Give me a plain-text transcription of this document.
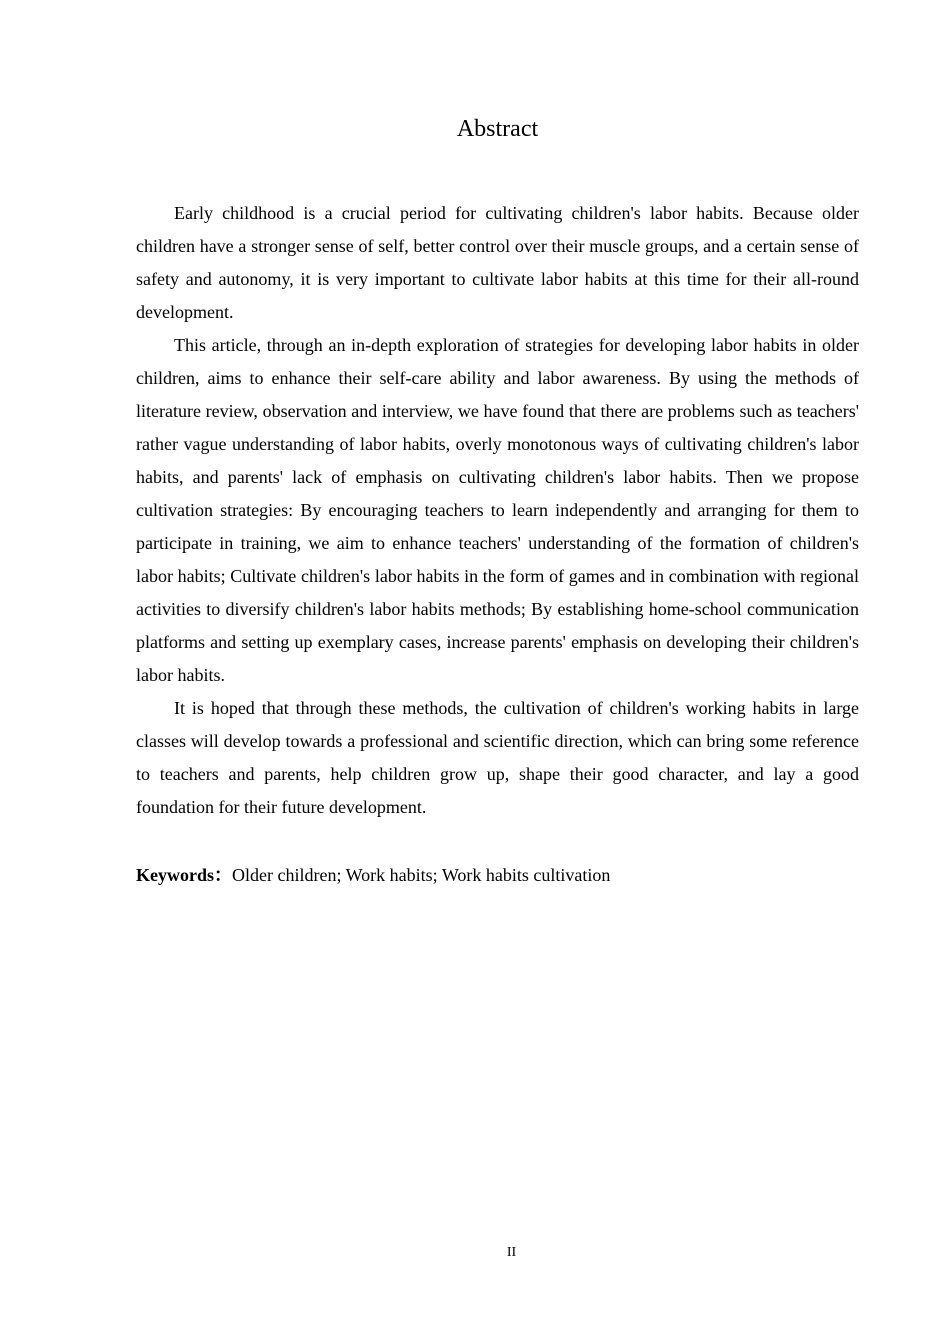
Abstract

Early childhood is a crucial period for cultivating children's labor habits. Because older children have a stronger sense of self, better control over their muscle groups, and a certain sense of safety and autonomy, it is very important to cultivate labor habits at this time for their all-round development.

This article, through an in-depth exploration of strategies for developing labor habits in older children, aims to enhance their self-care ability and labor awareness. By using the methods of literature review, observation and interview, we have found that there are problems such as teachers' rather vague understanding of labor habits, overly monotonous ways of cultivating children's labor habits, and parents' lack of emphasis on cultivating children's labor habits. Then we propose cultivation strategies: By encouraging teachers to learn independently and arranging for them to participate in training, we aim to enhance teachers' understanding of the formation of children's labor habits; Cultivate children's labor habits in the form of games and in combination with regional activities to diversify children's labor habits methods; By establishing home-school communication platforms and setting up exemplary cases, increase parents' emphasis on developing their children's labor habits.

It is hoped that through these methods, the cultivation of children's working habits in large classes will develop towards a professional and scientific direction, which can bring some reference to teachers and parents, help children grow up, shape their good character, and lay a good foundation for their future development.

Keywords：Older children; Work habits; Work habits cultivation

II
